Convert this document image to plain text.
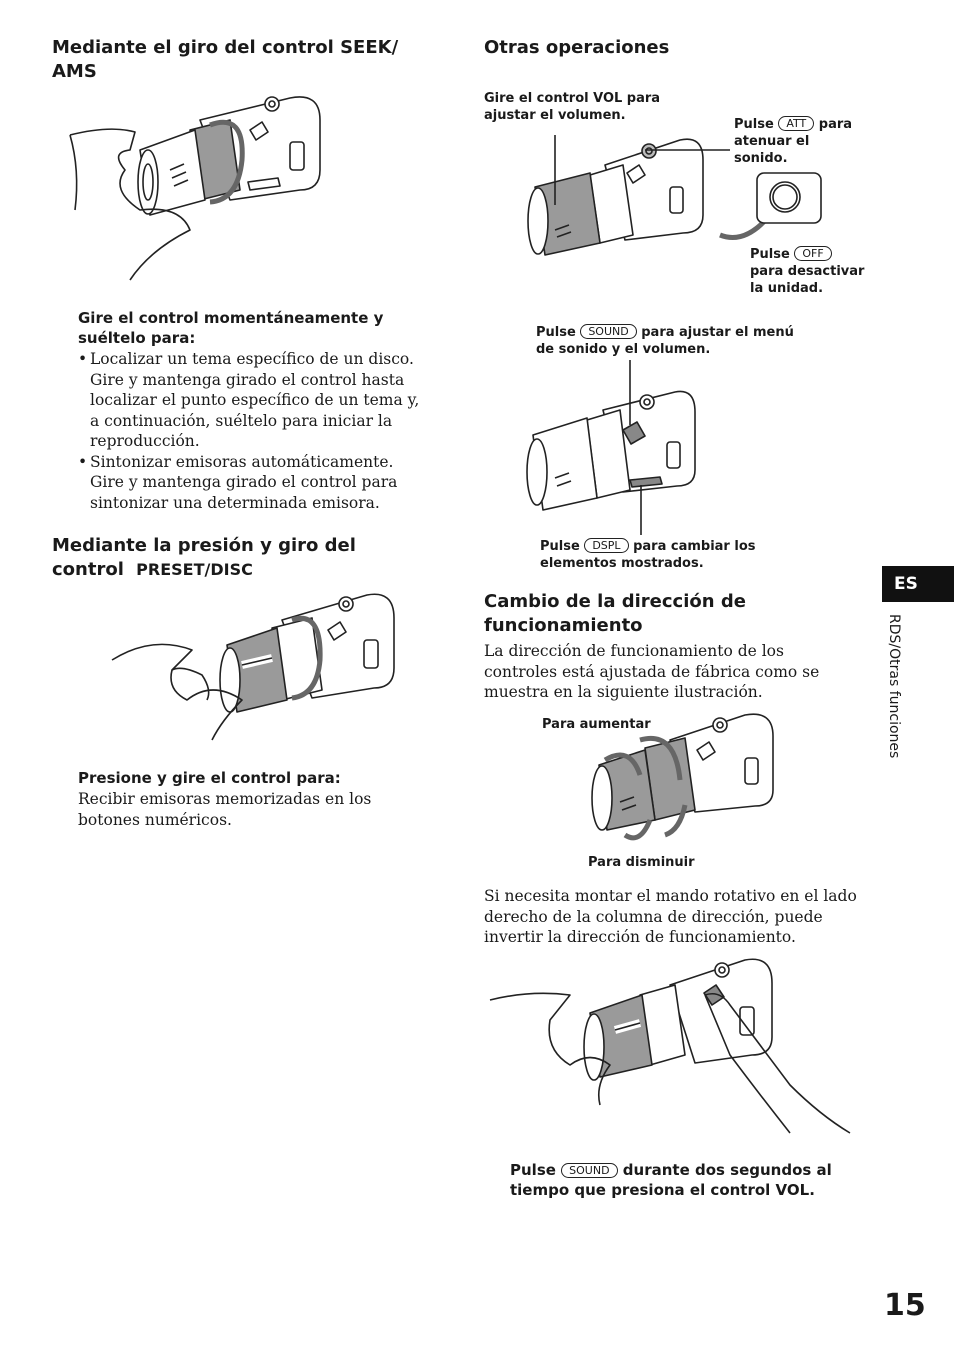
Mediante el giro del control SEEK/
AMS
Gire el control momentáneamente y
suéltelo para:
• Localizar un tema específico de un disco.
Gire y mantenga girado el control hasta
localizar el punto específico de un tema y,
a continuación, suéltelo para iniciar la
reproducción.
• Sintonizar emisoras automáticamente.
Gire y mantenga girado el control para
sintonizar una determinada emisora.
Mediante la presión y giro del
control PRESET/DISC
Presione y gire el control para:
Recibir emisoras memorizadas en los
botones numéricos.
Otras operaciones
Gire el control VOL para
ajustar el volumen.
Pulse ATT para
atenuar el
sonido.
Pulse OFF
para desactivar
la unidad.
Pulse SOUND para ajustar el menú
de sonido y el volumen.
Pulse DSPL para cambiar los
elementos mostrados.
Cambio de la dirección de
funcionamiento
La dirección de funcionamiento de los
controles está ajustada de fábrica como se
muestra en la siguiente ilustración.
Para aumentar
Para disminuir
Si necesita montar el mando rotativo en el lado
derecho de la columna de dirección, puede
invertir la dirección de funcionamiento.
Pulse SOUND durante dos segundos al
tiempo que presiona el control VOL.
ES
RDS/Otras funciones
15
